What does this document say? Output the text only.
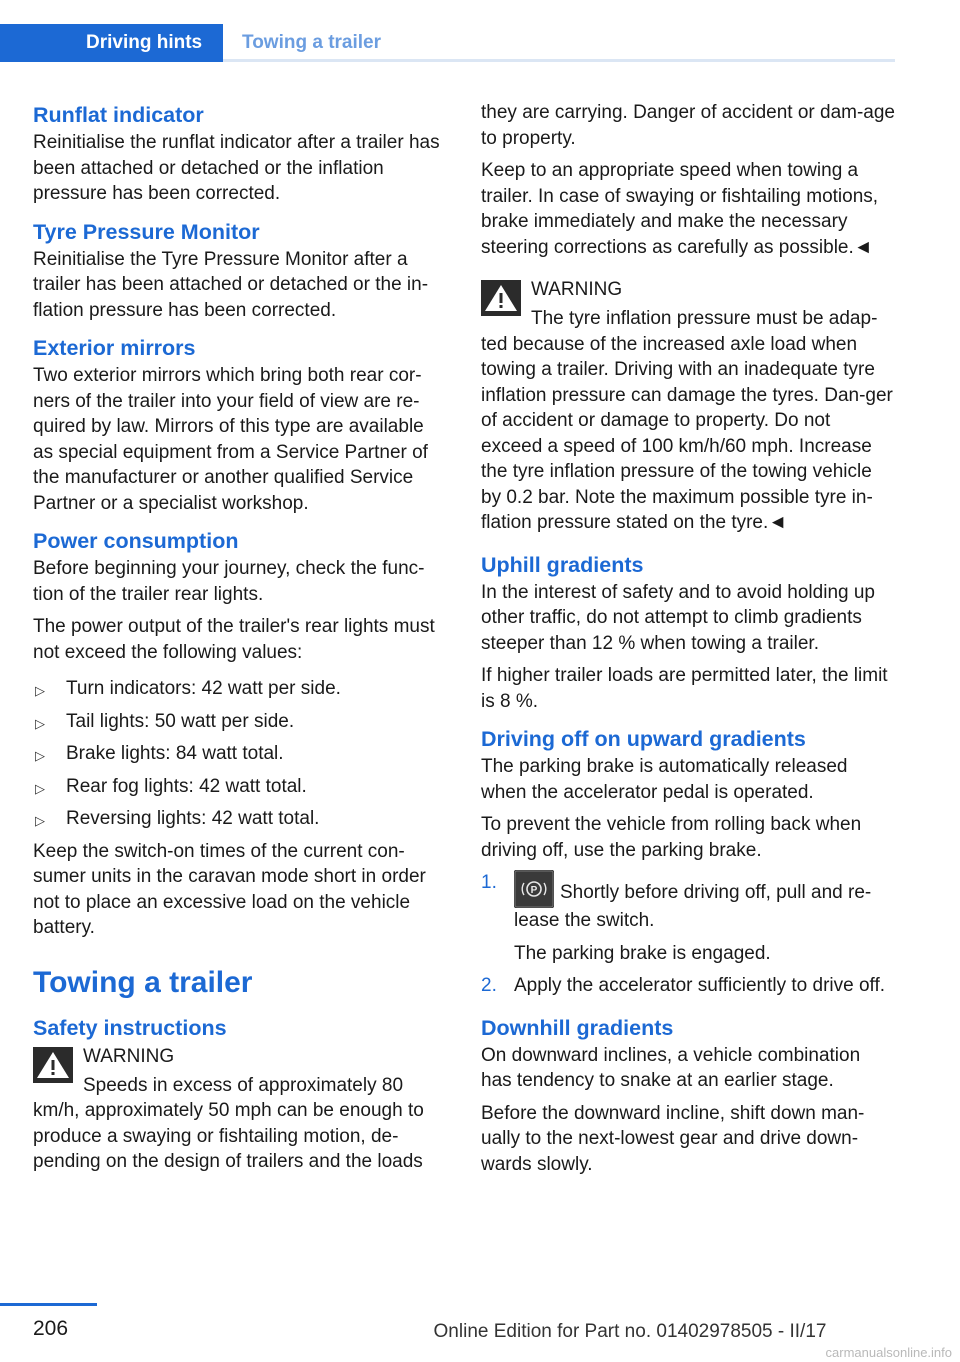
Driving hints	Towing a trailer
Runflat indicator

Reinitialise the runflat indicator after a trailer has been attached or detached or the inflation pressure has been corrected.

Tyre Pressure Monitor

Reinitialise the Tyre Pressure Monitor after a trailer has been attached or detached or the in‐flation pressure has been corrected.

Exterior mirrors

Two exterior mirrors which bring both rear cor‐ners of the trailer into your field of view are re‐quired by law. Mirrors of this type are available as special equipment from a Service Partner of the manufacturer or another qualified Service Partner or a specialist workshop.

Power consumption

Before beginning your journey, check the func‐tion of the trailer rear lights.

The power output of the trailer's rear lights must not exceed the following values:

▷ Turn indicators: 42 watt per side.
▷ Tail lights: 50 watt per side.
▷ Brake lights: 84 watt total.
▷ Rear fog lights: 42 watt total.
▷ Reversing lights: 42 watt total.

Keep the switch-on times of the current con‐sumer units in the caravan mode short in order not to place an excessive load on the vehicle battery.

Towing a trailer
Safety instructions
WARNING

Speeds in excess of approximately 80 km/h, approximately 50 mph can be enough to produce a swaying or fishtailing motion, de‐pending on the design of trailers and the loads

they are carrying. Danger of accident or dam‐age to property.

Keep to an appropriate speed when towing a trailer. In case of swaying or fishtailing motions, brake immediately and make the necessary steering corrections as carefully as possible.◄

WARNING

The tyre inflation pressure must be adap‐ted because of the increased axle load when towing a trailer. Driving with an inadequate tyre inflation pressure can damage the tyres. Dan‐ger of accident or damage to property. Do not exceed a speed of 100 km/h/60 mph. Increase the tyre inflation pressure of the towing vehicle by 0.2 bar. Note the maximum possible tyre in‐flation pressure stated on the tyre.◄

Uphill gradients

In the interest of safety and to avoid holding up other traffic, do not attempt to climb gradients steeper than 12 % when towing a trailer.

If higher trailer loads are permitted later, the limit is 8 %.

Driving off on upward gradients

The parking brake is automatically released when the accelerator pedal is operated.

To prevent the vehicle from rolling back when driving off, use the parking brake.

1.	P Shortly before driving off, pull and re‐lease the switch.

The parking brake is engaged.

2. Apply the accelerator sufficiently to drive off.
Downhill gradients

On downward inclines, a vehicle combination has tendency to snake at an earlier stage.

Before the downward incline, shift down man‐ually to the next-lowest gear and drive down‐wards slowly.

206	Online Edition for Part no. 01402978505 - II/17
carmanualsonline.info
